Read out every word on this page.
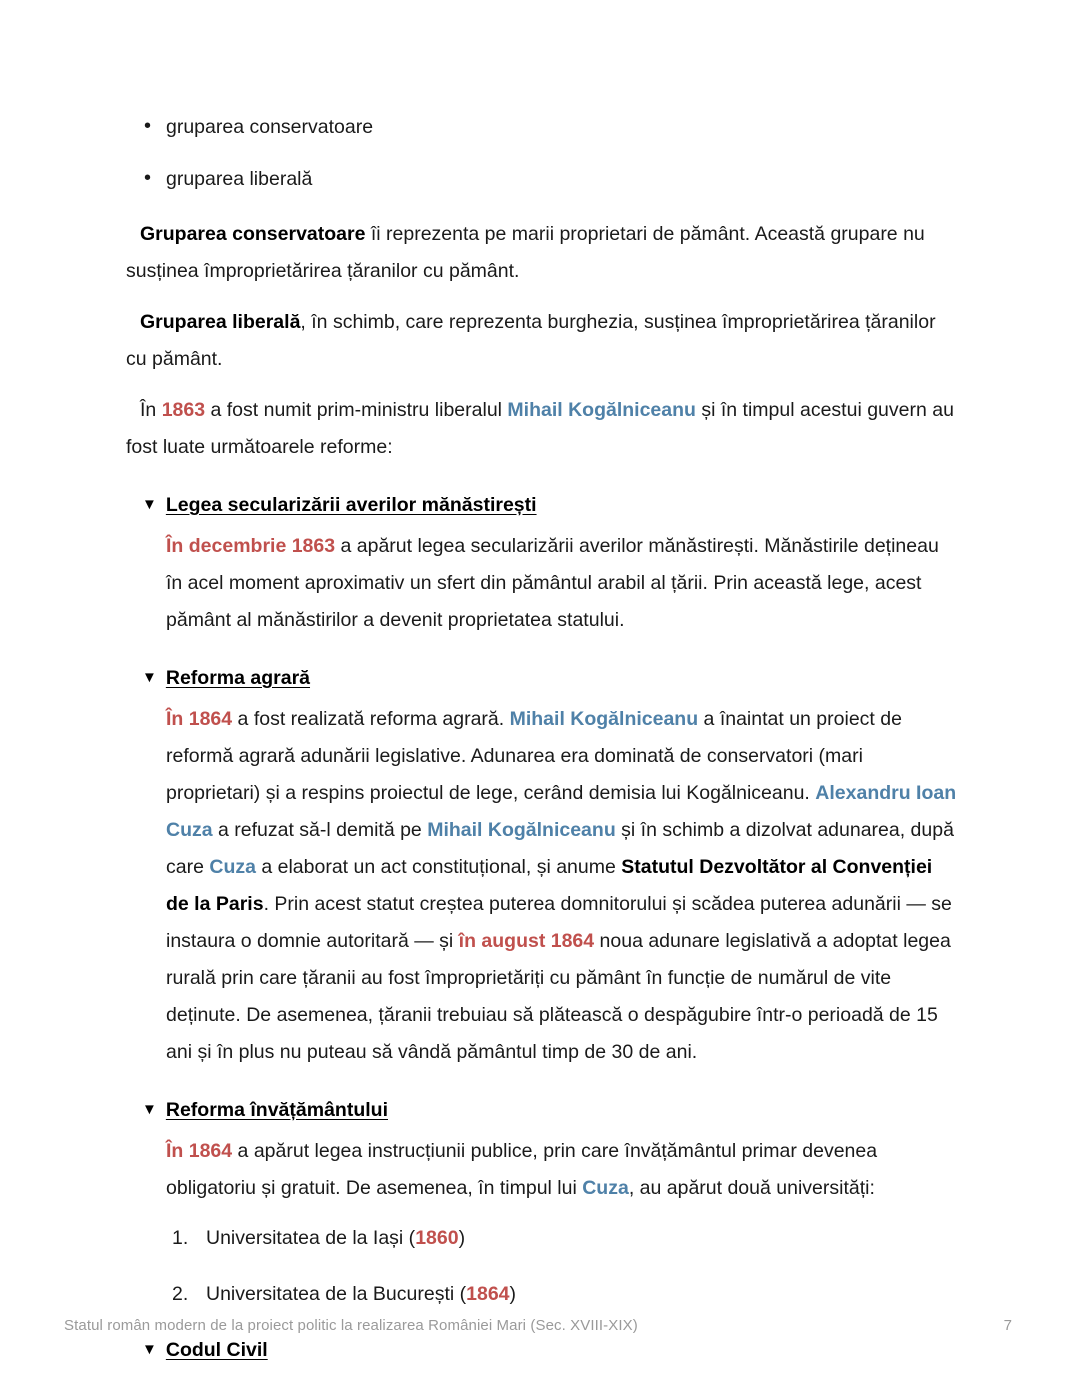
• gruparea conservatoare
• gruparea liberală

Gruparea conservatoare îi reprezenta pe marii proprietari de pământ. Această grupare nu susținea împroprietărirea țăranilor cu pământ.

Gruparea liberală, în schimb, care reprezenta burghezia, susținea împroprietărirea țăranilor cu pământ.

În 1863 a fost numit prim-ministru liberalul Mihail Kogălniceanu și în timpul acestui guvern au fost luate următoarele reforme:

▼ Legea secularizării averilor mănăstirești

În decembrie 1863 a apărut legea secularizării averilor mănăstirești. Mănăstirile dețineau în acel moment aproximativ un sfert din pământul arabil al țării. Prin această lege, acest pământ al mănăstirilor a devenit proprietatea statului.

▼ Reforma agrară

În 1864 a fost realizată reforma agrară. Mihail Kogălniceanu a înaintat un proiect de reformă agrară adunării legislative. Adunarea era dominată de conservatori (mari proprietari) și a respins proiectul de lege, cerând demisia lui Kogălniceanu. Alexandru Ioan Cuza a refuzat să-l demită pe Mihail Kogălniceanu și în schimb a dizolvat adunarea, după care Cuza a elaborat un act constituțional, și anume Statutul Dezvoltător al Convenției de la Paris. Prin acest statut creștea puterea domnitorului și scădea puterea adunării — se instaura o domnie autoritară — și în august 1864 noua adunare legislativă a adoptat legea rurală prin care țăranii au fost împroprietăriți cu pământ în funcție de numărul de vite deținute. De asemenea, țăranii trebuiau să plătească o despăgubire într-o perioadă de 15 ani și în plus nu puteau să vândă pământul timp de 30 de ani.

▼ Reforma învățământului

În 1864 a apărut legea instrucțiunii publice, prin care învățământul primar devenea obligatoriu și gratuit. De asemenea, în timpul lui Cuza, au apărut două universități:

Universitatea de la Iași (1860)
Universitatea de la București (1864)
▼ Codul Civil
Statul român modern de la proiect politic la realizarea României Mari (Sec. XVIII-XIX)	7
